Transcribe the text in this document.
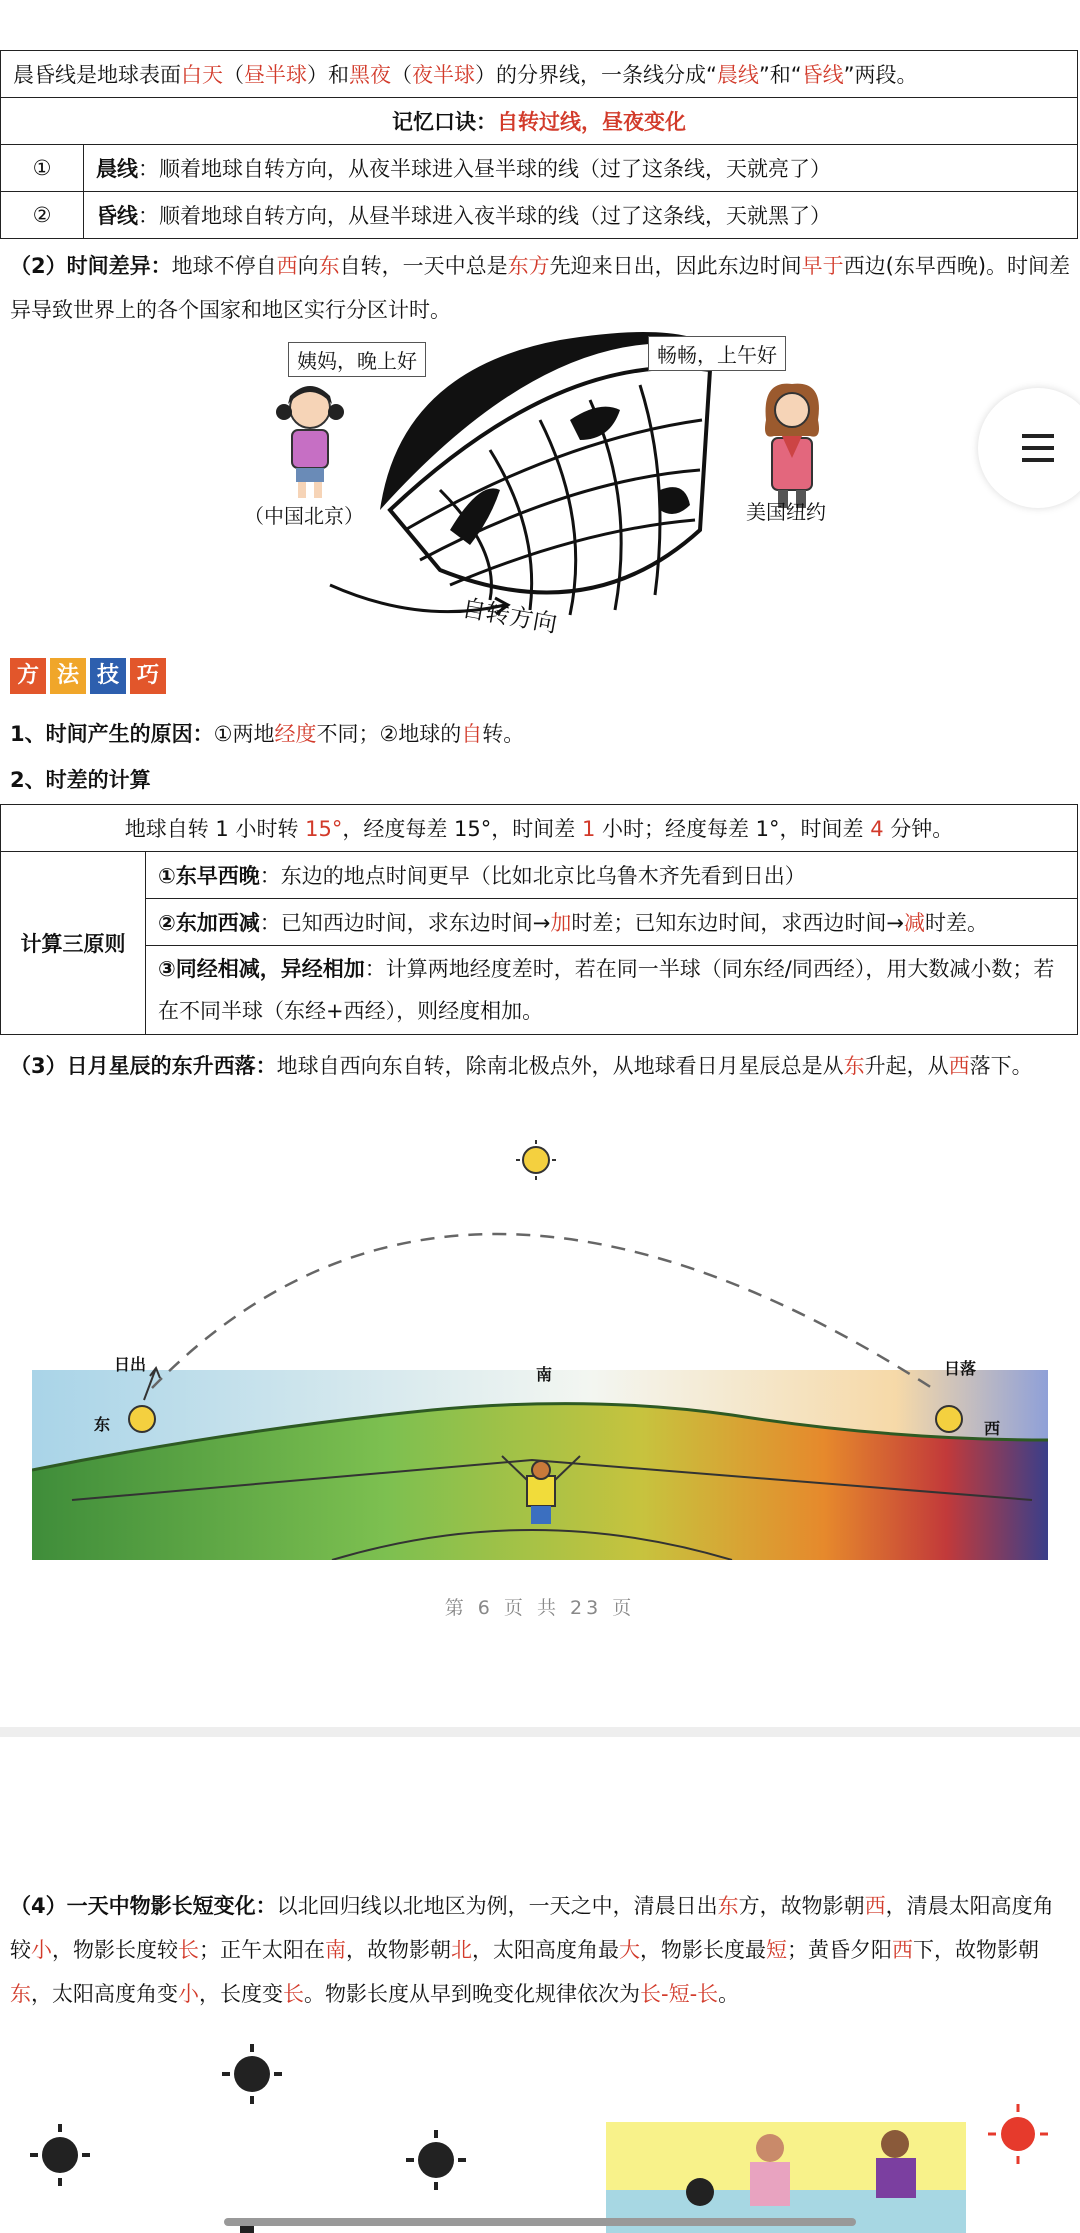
晨昏线是地球表面白天（昼半球）和黑夜（夜半球）的分界线，一条线分成“晨线”和“昏线”两段。	
记忆口诀：自转过线，昼夜变化	
①	晨线：顺着地球自转方向，从夜半球进入昼半球的线（过了这条线，天就亮了）
②	昏线：顺着地球自转方向，从昼半球进入夜半球的线（过了这条线，天就黑了）

（2）时间差异：地球不停自西向东自转，一天中总是东方先迎来日出，因此东边时间早于西边(东早西晚)。时间差异导致世界上的各个国家和地区实行分区计时。

姨妈，晚上好	畅畅，上午好
（中国北京）	美国纽约
自转方向
方 法 技 巧

1、时间产生的原因：①两地经度不同；②地球的自转。

2、时差的计算

地球自转 1 小时转 15°，经度每差 15°，时间差 1 小时；经度每差 1°，时间差 4 分钟。
计算三原则	①东早西晚：东边的地点时间更早（比如北京比乌鲁木齐先看到日出）
②东加西减：已知西边时间，求东边时间→加时差；已知东边时间，求西边时间→减时差。
③同经相减，异经相加：计算两地经度差时，若在同一半球（同东经/同西经），用大数减小数；若在不同半球（东经+西经），则经度相加。

（3）日月星辰的东升西落：地球自西向东自转，除南北极点外，从地球看日月星辰总是从东升起，从西落下。

日出
东
南	日落
西
第 6 页 共 23 页

（4）一天中物影长短变化：以北回归线以北地区为例，一天之中，清晨日出东方，故物影朝西，清晨太阳高度角较小，物影长度较长；正午太阳在南，故物影朝北，太阳高度角最大，物影长度最短；黄昏夕阳西下，故物影朝东，太阳高度角变小，长度变长。物影长度从早到晚变化规律依次为长-短-长。
